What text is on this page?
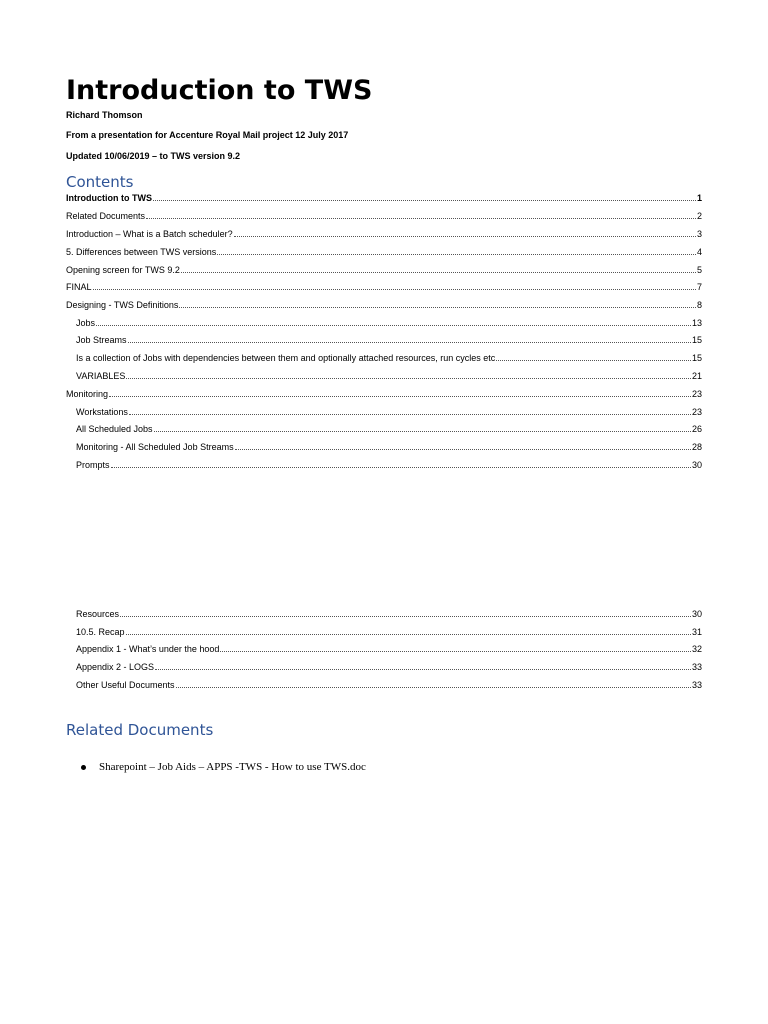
Introduction to TWS

Richard Thomson

From a presentation for Accenture Royal Mail project 12 July 2017

Updated 10/06/2019 – to TWS version 9.2

Contents
Introduction to TWS	1
Related Documents	2
Introduction – What is a Batch scheduler?	3
5. Differences between TWS versions	4
Opening screen for TWS 9.2	5
FINAL	7
Designing - TWS Definitions	8
Jobs	13
Job Streams	15
Is a collection of Jobs with dependencies between them and optionally attached resources, run cycles etc	15
VARIABLES	21
Monitoring	23
Workstations	23
All Scheduled Jobs	26
Monitoring - All Scheduled Job Streams	28
Prompts	30
Resources	30
10.5. Recap	31
Appendix 1 - What’s under the hood	32
Appendix 2 - LOGS	33
Other Useful Documents	33
Related Documents
Sharepoint – Job Aids – APPS -TWS - How to use TWS.doc
